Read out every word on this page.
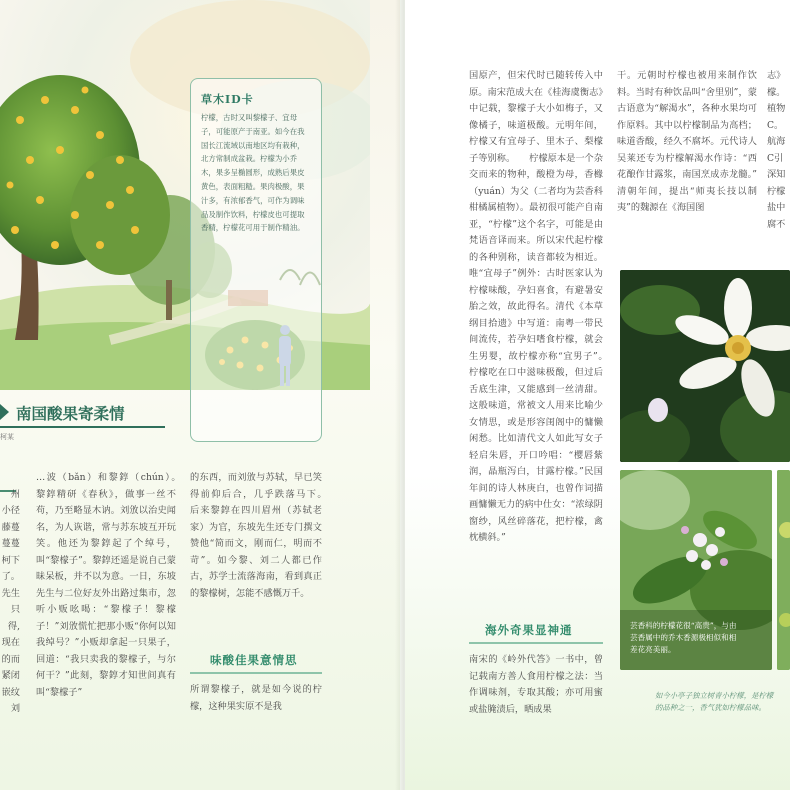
草木ID卡
柠檬，古时又叫黎檬子、宜母子，可能原产于南亚。如今在我国长江流域以南地区均有栽种，北方常制成盆栽。柠檬为小乔木，果多呈椭圆形，成熟后果皮黄色，表面粗糙。果肉极酸，果汁多，有浓郁香气，可作为调味品及制作饮料，柠檬皮也可提取香精，柠檬花可用于制作精油。
南国酸果寄柔情
柯某

州
小径
藤蔓
蔓蔓
柯下
了。
先生
只得,
现在
的而
紧闭
嵌纹
刘

…波（bǎn）和黎錞（chún）。　　黎錞精研《春秋》，做事一丝不苟，乃至略显木讷。刘攽以治史闻名，为人诙谐，常与苏东坡互开玩笑。他还为黎錞起了个绰号，叫“黎檬子”。黎錞还遥是说自己蒙昧呆板，并不以为意。一日，东坡先生与二位好友外出路过集市，忽听小贩吆喝：“黎檬子！黎檬子！”刘攽慌忙把那小贩“你何以知我绰号？”小贩却拿起一只果子，回道：“我只卖我的黎檬子，与尔何干？”此刻，黎錞才知世间真有叫“黎檬子”

的东西，而刘攽与苏轼，早已笑得前仰后合，几乎跌落马下。　　后来黎錞在四川眉州（苏轼老家）为官，东坡先生还专门撰文赞他“简而文，刚而仁，明而不苛”。如今黎、刘二人都已作古，苏学士流落海南，看到真正的黎檬树，怎能不感慨万千。

味酸佳果意情思

所谓黎檬子，就是如今说的柠檬，这种果实原不是我

国原产，但宋代时已随转传入中原。南宋范成大在《桂海虞衡志》中记载，黎檬子大小如梅子，又像橘子，味道极酸。元明年间，柠檬又有宜母子、里木子、梨檬子等别称。　　柠檬原本是一个杂交而来的物种，酸橙为母，香橼（yuán）为父（二者均为芸香科柑橘属植物）。最初很可能产自南亚，“柠檬”这个名字，可能是由梵语音译而来。所以宋代起柠檬的各种别称，读音都较为相近。唯“宜母子”例外：古时医家认为柠檬味酸，孕妇喜食，有避暑安胎之效，故此得名。清代《本草纲目拾遗》中写道：南粤一带民间流传，若孕妇嗜食柠檬，就会生男婴，故柠檬亦称“宜男子”。　　柠檬吃在口中滋味极酸，但过后舌底生津，又能感到一丝清甜。这般味道，常被文人用来比喻少女情思，或是形容闺阁中的慵懒闲愁。比如清代文人如此写女子轻启朱唇，开口吟唱：“樱唇紫润，晶瓶泻白，甘露柠檬。”民国年间的诗人林庚白，也曾作词描画慵懒无力的病中仕女：“浓绿阴窗纱，风丝碎落花，把柠檬，禽枕横斜。”

海外奇果显神通

南宋的《岭外代答》一书中，曾记载南方善人食用柠檬之法：当作调味剂，专取其酸；亦可用蜜或盐腌渍后，晒成果

干。元朝时柠檬也被用来制作饮料。当时有种饮品叫“舍里别”，蒙古语意为“解渴水”，各种水果均可作原料。其中以柠檬制品为高档；味道香酸，经久不腐坏。元代诗人吴莱还专为柠檬解渴水作诗：“西花酿作甘露浆，南国烹成赤龙髓。”　　清朝年间，提出“师夷长技以制夷”的魏源在《海国图

志》
檬。
植物
C。
航海
C引
深知
柠檬
盐中
腐不
芸香科的柠檬花很“高贵”，与由芸香属中的乔木香源极相似和相差花亮美丽。
如今小亭子独立树青小柠檬，是柠檬的品种之一，香气犹如柠檬品味。
